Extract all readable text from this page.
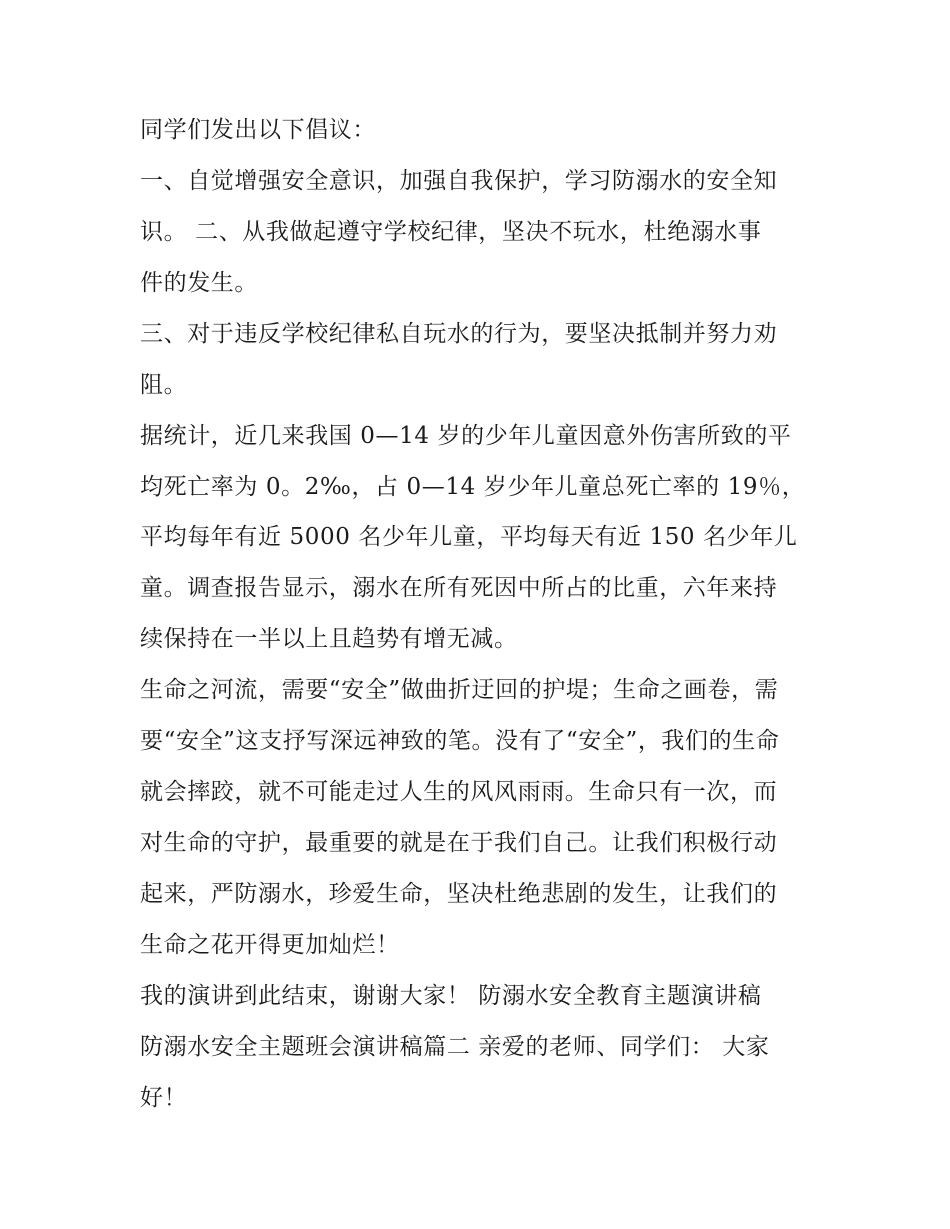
同学们发出以下倡议：
一、自觉增强安全意识，加强自我保护，学习防溺水的安全知
识。 二、从我做起遵守学校纪律，坚决不玩水，杜绝溺水事
件的发生。
三、对于违反学校纪律私自玩水的行为，要坚决抵制并努力劝
阻。
据统计，近几来我国 0—14 岁的少年儿童因意外伤害所致的平
均死亡率为 0。2‰，占 0—14 岁少年儿童总死亡率的 19％，
平均每年有近 5000 名少年儿童，平均每天有近 150 名少年儿
童。调查报告显示，溺水在所有死因中所占的比重，六年来持
续保持在一半以上且趋势有增无减。
生命之河流，需要“安全”做曲折迂回的护堤；生命之画卷，需
要“安全”这支抒写深远神致的笔。没有了“安全”，我们的生命
就会摔跤，就不可能走过人生的风风雨雨。生命只有一次，而
对生命的守护，最重要的就是在于我们自己。让我们积极行动
起来，严防溺水，珍爱生命，坚决杜绝悲剧的发生，让我们的
生命之花开得更加灿烂！
我的演讲到此结束，谢谢大家！ 防溺水安全教育主题演讲稿
防溺水安全主题班会演讲稿篇二 亲爱的老师、同学们： 大家
好！
